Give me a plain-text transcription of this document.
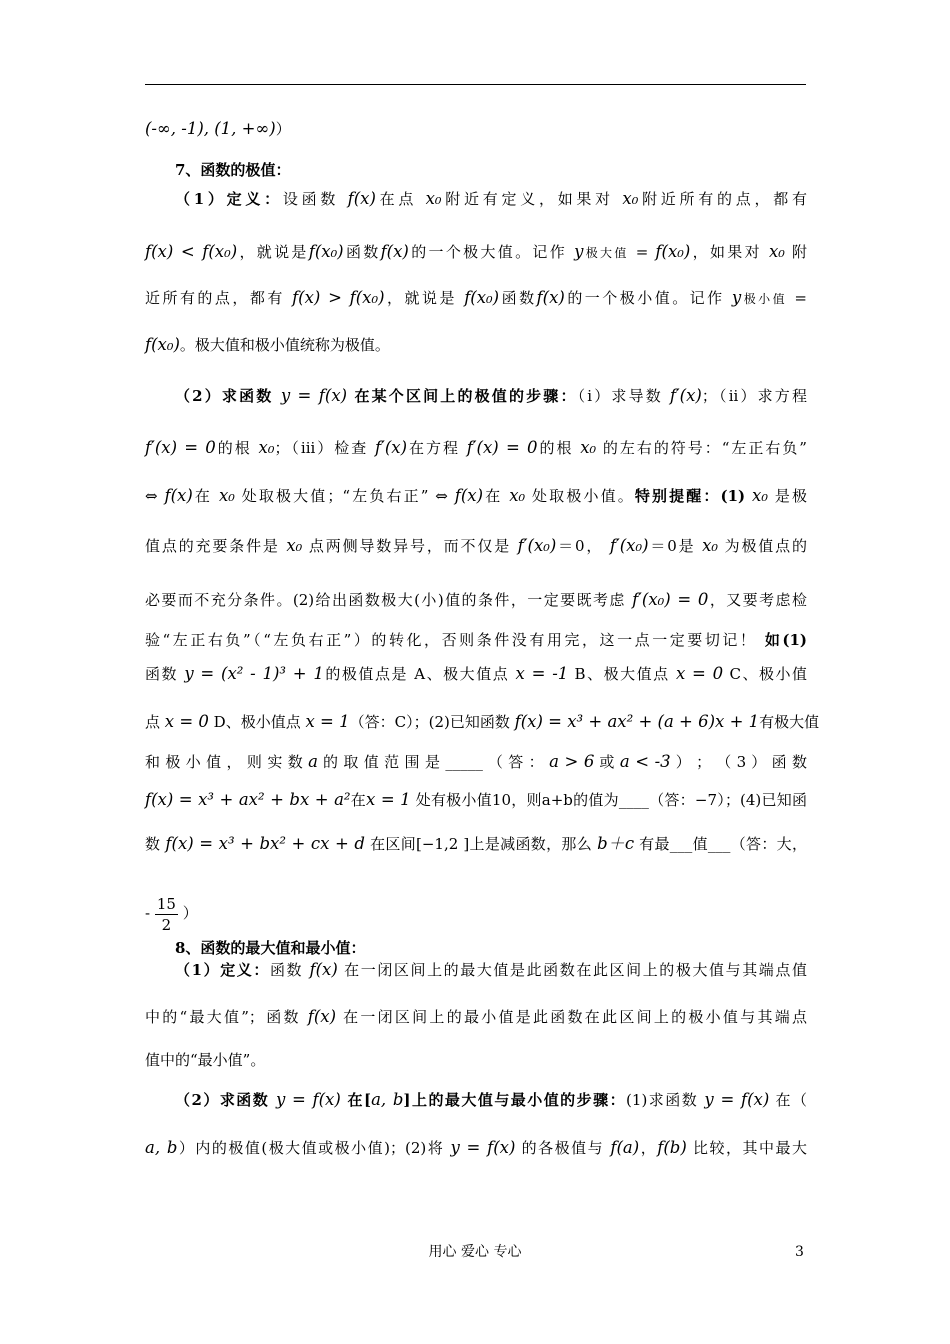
(-∞, -1), (1, +∞)）
7、函数的极值：
（1）定义：设函数 f(x)在点 x₀附近有定义，如果对 x₀附近所有的点，都有
f(x) < f(x₀)，就说是f(x₀)函数f(x)的一个极大值。记作 y极大值 = f(x₀)，如果对 x₀ 附
近所有的点，都有 f(x) > f(x₀)，就说是 f(x₀)函数f(x)的一个极小值。记作 y极小值 =
f(x₀)。极大值和极小值统称为极值。
（2）求函数 y = f(x) 在某个区间上的极值的步骤：（i）求导数 f′(x)；（ii）求方程
f′(x) = 0的根 x₀；（iii）检查 f′(x)在方程 f′(x) = 0的根 x₀ 的左右的符号：“左正右负”
⇔ f(x)在 x₀ 处取极大值；“左负右正” ⇔ f(x)在 x₀ 处取极小值。特别提醒：(1) x₀ 是极
值点的充要条件是 x₀ 点两侧导数异号，而不仅是 f′(x₀)＝0， f′(x₀)＝0是 x₀ 为极值点的
必要而不充分条件。(2)给出函数极大(小)值的条件，一定要既考虑 f′(x₀) = 0，又要考虑检
验“左正右负”（“左负右正”）的转化，否则条件没有用完，这一点一定要切记！ 如(1)
函数 y = (x² - 1)³ + 1的极值点是 A、极大值点 x = -1 B、极大值点 x = 0 C、极小值
点 x = 0 D、极小值点 x = 1（答：C）；(2)已知函数 f(x) = x³ + ax² + (a + 6)x + 1有极大值
和 极 小 值 ， 则 实 数 a 的 取 值 范 围 是 _____ （ 答 ： a > 6 或 a < -3 ） ； （ 3 ） 函 数
f(x) = x³ + ax² + bx + a²在x = 1 处有极小值10，则a+b的值为____（答：−7）；(4)已知函
数 f(x) = x³ + bx² + cx + d 在区间[−1,2 ]上是减函数，那么 b＋c 有最___值___（答：大，
8、函数的最大值和最小值：
（1）定义：函数 f(x) 在一闭区间上的最大值是此函数在此区间上的极大值与其端点值
中的“最大值”；函数 f(x) 在一闭区间上的最小值是此函数在此区间上的极小值与其端点
值中的“最小值”。
（2）求函数 y = f(x) 在[a, b]上的最大值与最小值的步骤：(1)求函数 y = f(x) 在（
a, b）内的极值(极大值或极小值)；(2)将 y = f(x) 的各极值与 f(a)，f(b) 比较，其中最大
- $\frac{15}{2}$ ）
用心 爱心 专心	3
